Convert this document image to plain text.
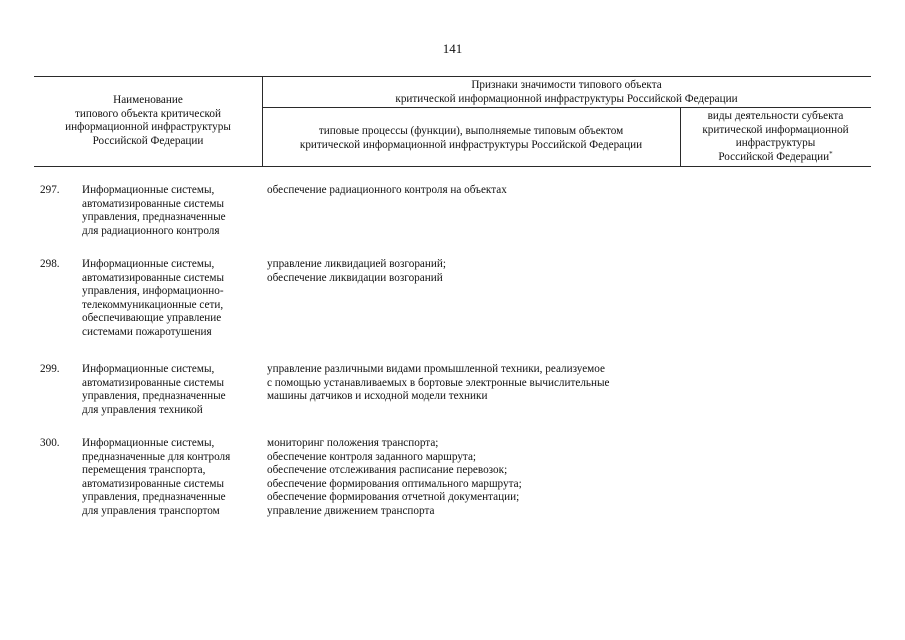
141
Наименование
типового объекта критической
информационной инфраструктуры
Российской Федерации
Признаки значимости типового объекта
критической информационной инфраструктуры Российской Федерации
типовые процессы (функции), выполняемые типовым объектом
критической информационной инфраструктуры Российской Федерации
виды деятельности субъекта
критической информационной
инфраструктуры
Российской Федерации*
297. Информационные системы,
автоматизированные системы
управления, предназначенные
для радиационного контроля
обеспечение радиационного контроля на объектах
298. Информационные системы,
автоматизированные системы
управления, информационно-
телекоммуникационные сети,
обеспечивающие управление
системами пожаротушения
управление ликвидацией возгораний;
обеспечение ликвидации возгораний
299. Информационные системы,
автоматизированные системы
управления, предназначенные
для управления техникой
управление различными видами промышленной техники, реализуемое
с помощью устанавливаемых в бортовые электронные вычислительные
машины датчиков и исходной модели техники
300. Информационные системы,
предназначенные для контроля
перемещения транспорта,
автоматизированные системы
управления, предназначенные
для управления транспортом
мониторинг положения транспорта;
обеспечение контроля заданного маршрута;
обеспечение отслеживания расписание перевозок;
обеспечение формирования оптимального маршрута;
обеспечение формирования отчетной документации;
управление движением транспорта
